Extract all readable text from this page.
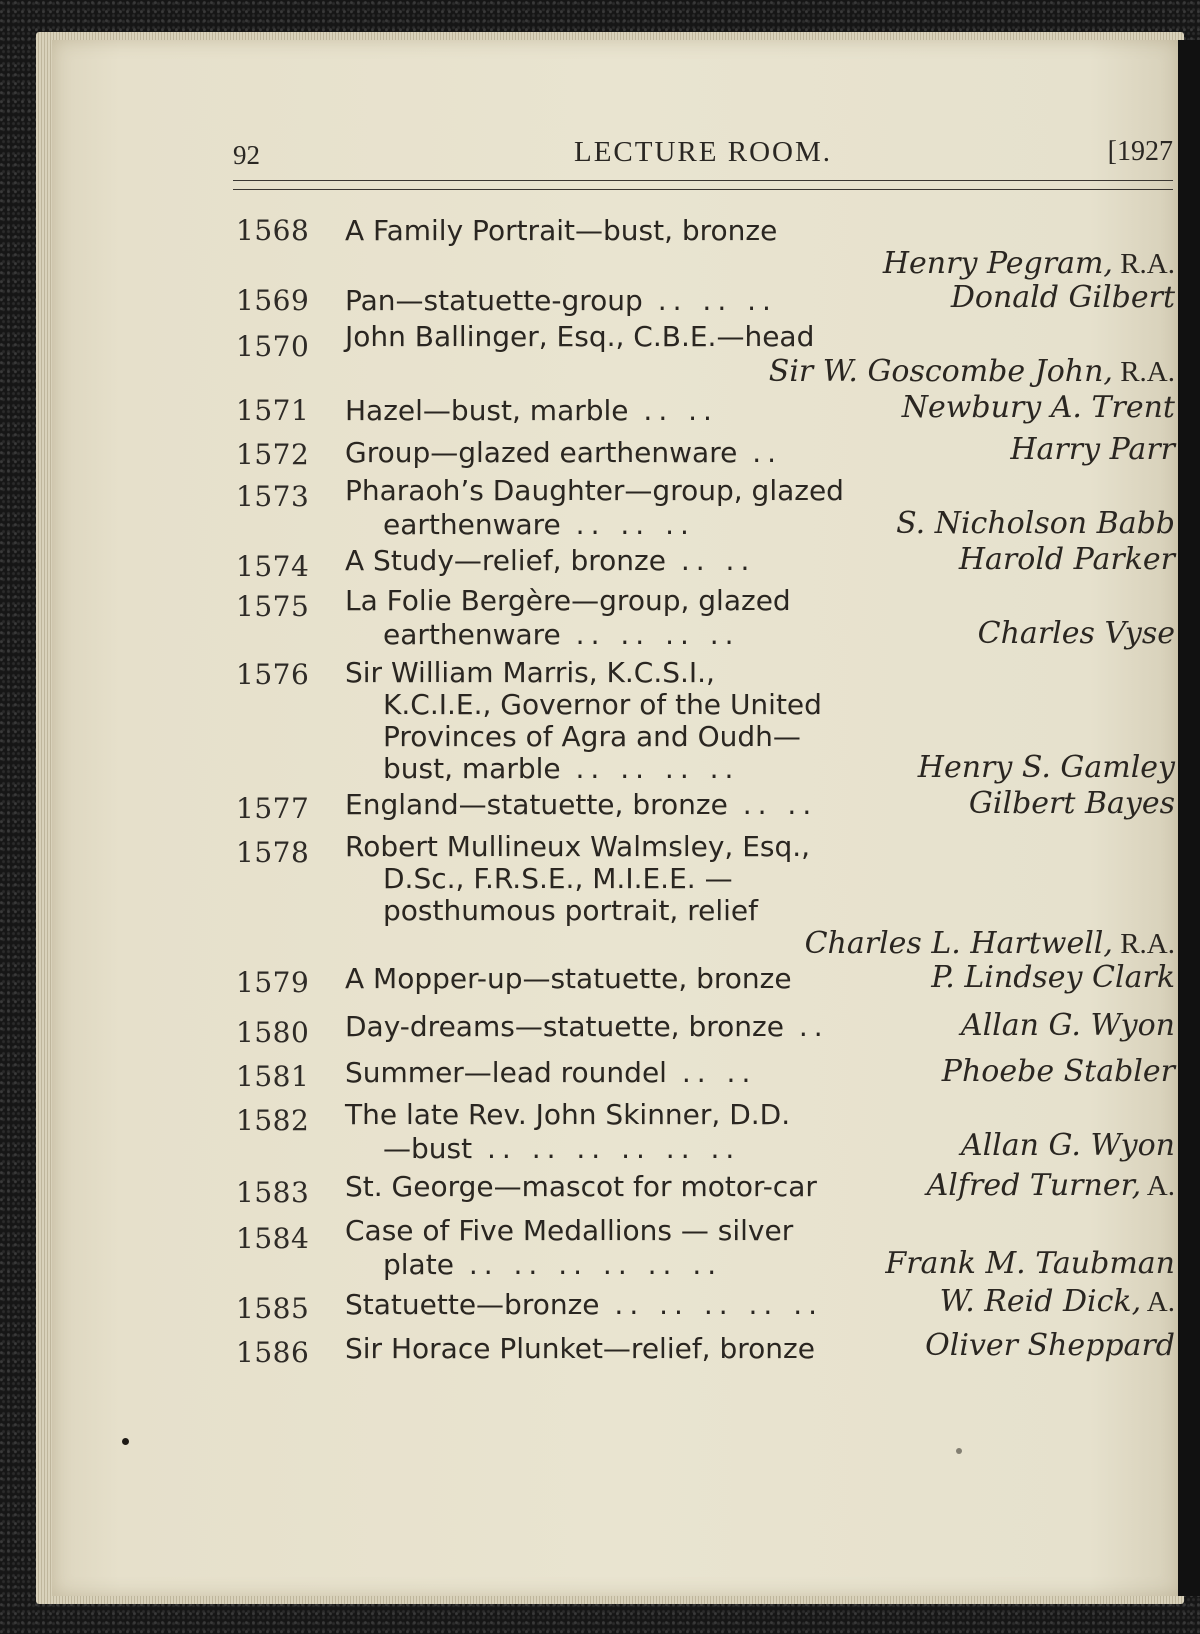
92	LECTURE ROOM.	[1927
1568 A Family Portrait—bust, bronze
Henry Pegram, R.A.
1569 Pan—statuette-group .. .. ..	Donald Gilbert
1570 John Ballinger, Esq., C.B.E.—head
Sir W. Goscombe John, R.A.
1571 Hazel—bust, marble .. ..	Newbury A. Trent
1572 Group—glazed earthenware ..	Harry Parr
1573 Pharaoh’s Daughter—group, glazed
earthenware .. .. ..	S. Nicholson Babb
1574 A Study—relief, bronze .. ..	Harold Parker
1575 La Folie Bergère—group, glazed
earthenware .. .. .. ..	Charles Vyse
1576 Sir William Marris, K.C.S.I.,
K.C.I.E., Governor of the United
Provinces of Agra and Oudh—
bust, marble .. .. .. ..	Henry S. Gamley
1577 England—statuette, bronze .. ..	Gilbert Bayes
1578 Robert Mullineux Walmsley, Esq.,
D.Sc., F.R.S.E., M.I.E.E. —
posthumous portrait, relief
Charles L. Hartwell, R.A.
1579 A Mopper-up—statuette, bronze	P. Lindsey Clark
1580 Day-dreams—statuette, bronze ..	Allan G. Wyon
1581 Summer—lead roundel .. ..	Phoebe Stabler
1582 The late Rev. John Skinner, D.D.
—bust .. .. .. .. .. ..	Allan G. Wyon
1583 St. George—mascot for motor-car	Alfred Turner, A.
1584 Case of Five Medallions — silver
plate .. .. .. .. .. ..	Frank M. Taubman
1585 Statuette—bronze .. .. .. .. ..	W. Reid Dick, A.
1586 Sir Horace Plunket—relief, bronze	Oliver Sheppard
